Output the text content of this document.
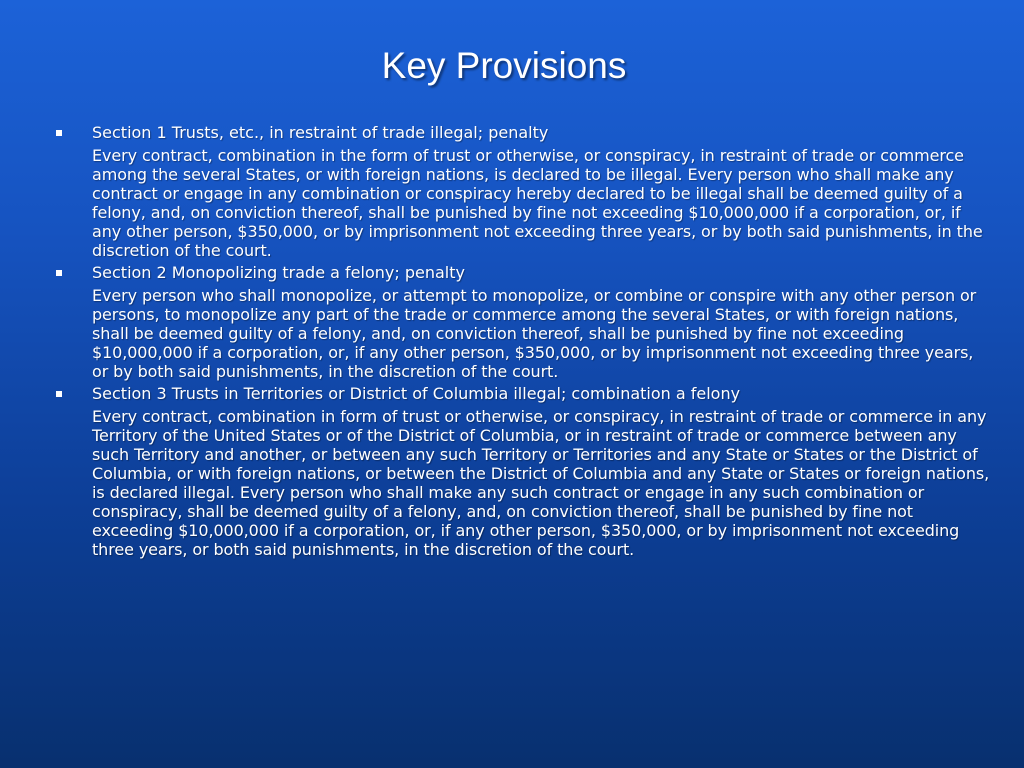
Key Provisions
Section 1 Trusts, etc., in restraint of trade illegal; penalty
Every contract, combination in the form of trust or otherwise, or conspiracy, in restraint of trade or commerce among the several States, or with foreign nations, is declared to be illegal. Every person who shall make any contract or engage in any combination or conspiracy hereby declared to be illegal shall be deemed guilty of a felony, and, on conviction thereof, shall be punished by fine not exceeding $10,000,000 if a corporation, or, if any other person, $350,000, or by imprisonment not exceeding three years, or by both said punishments, in the discretion of the court.
Section 2 Monopolizing trade a felony; penalty
Every person who shall monopolize, or attempt to monopolize, or combine or conspire with any other person or persons, to monopolize any part of the trade or commerce among the several States, or with foreign nations, shall be deemed guilty of a felony, and, on conviction thereof, shall be punished by fine not exceeding $10,000,000 if a corporation, or, if any other person, $350,000, or by imprisonment not exceeding three years, or by both said punishments, in the discretion of the court.
Section 3 Trusts in Territories or District of Columbia illegal; combination a felony
Every contract, combination in form of trust or otherwise, or conspiracy, in restraint of trade or commerce in any Territory of the United States or of the District of Columbia, or in restraint of trade or commerce between any such Territory and another, or between any such Territory or Territories and any State or States or the District of Columbia, or with foreign nations, or between the District of Columbia and any State or States or foreign nations, is declared illegal. Every person who shall make any such contract or engage in any such combination or conspiracy, shall be deemed guilty of a felony, and, on conviction thereof, shall be punished by fine not exceeding $10,000,000 if a corporation, or, if any other person, $350,000, or by imprisonment not exceeding three years, or both said punishments, in the discretion of the court.
